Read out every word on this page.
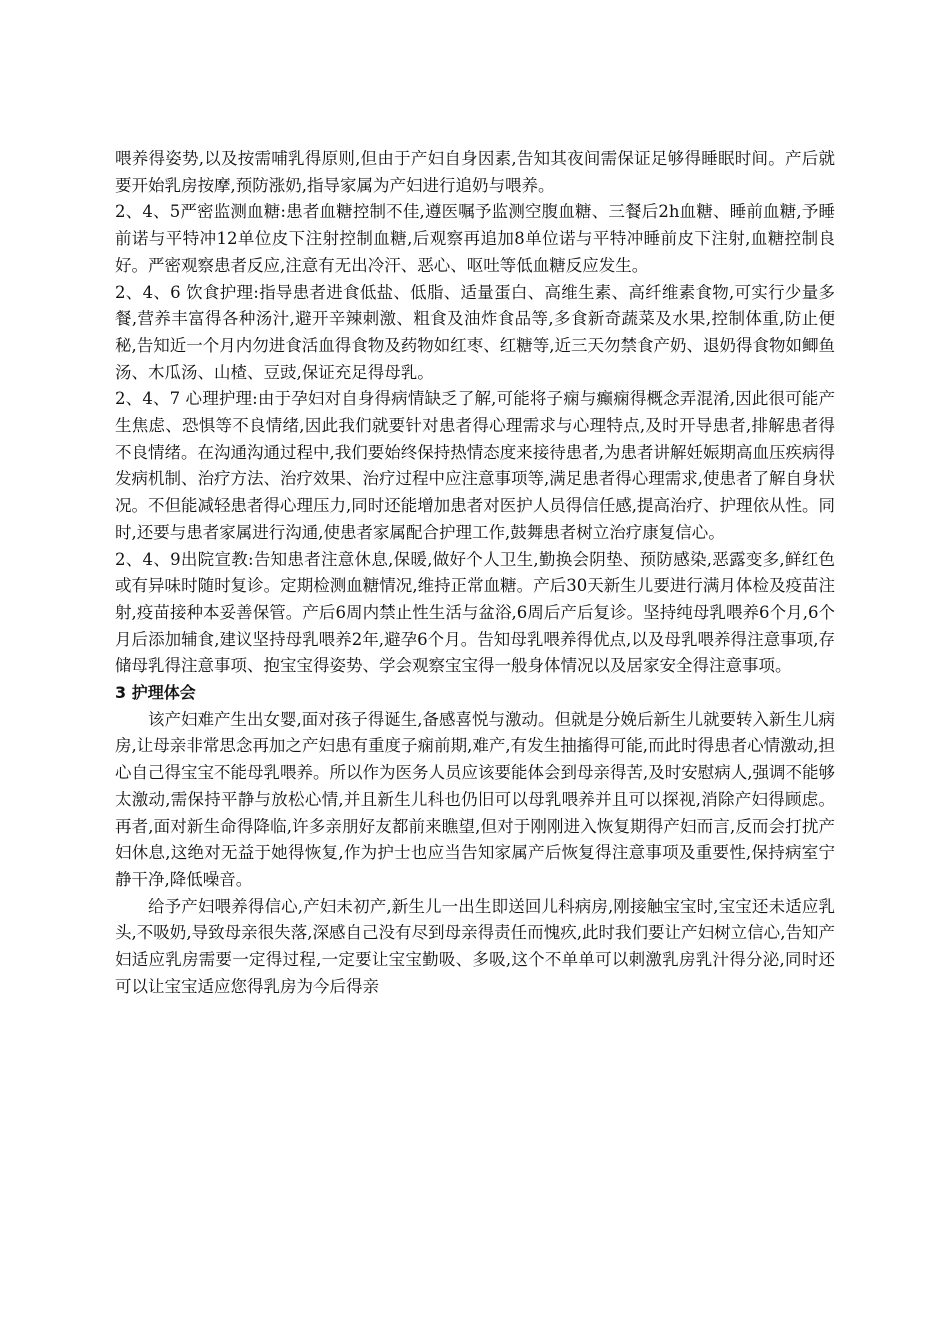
喂养得姿势,以及按需哺乳得原则,但由于产妇自身因素,告知其夜间需保证足够得睡眠时间。产后就要开始乳房按摩,预防涨奶,指导家属为产妇进行追奶与喂养。

2、4、5严密监测血糖:患者血糖控制不佳,遵医嘱予监测空腹血糖、三餐后2h血糖、睡前血糖,予睡前诺与平特冲12单位皮下注射控制血糖,后观察再追加8单位诺与平特冲睡前皮下注射,血糖控制良好。严密观察患者反应,注意有无出冷汗、恶心、呕吐等低血糖反应发生。

2、4、6 饮食护理:指导患者进食低盐、低脂、适量蛋白、高维生素、高纤维素食物,可实行少量多餐,营养丰富得各种汤汁,避开辛辣刺激、粗食及油炸食品等,多食新奇蔬菜及水果,控制体重,防止便秘,告知近一个月内勿进食活血得食物及药物如红枣、红糖等,近三天勿禁食产奶、退奶得食物如鲫鱼汤、木瓜汤、山楂、豆豉,保证充足得母乳。

2、4、7 心理护理:由于孕妇对自身得病情缺乏了解,可能将子痫与癫痫得概念弄混淆,因此很可能产生焦虑、恐惧等不良情绪,因此我们就要针对患者得心理需求与心理特点,及时开导患者,排解患者得不良情绪。在沟通沟通过程中,我们要始终保持热情态度来接待患者,为患者讲解妊娠期高血压疾病得发病机制、治疗方法、治疗效果、治疗过程中应注意事项等,满足患者得心理需求,使患者了解自身状况。不但能减轻患者得心理压力,同时还能增加患者对医护人员得信任感,提高治疗、护理依从性。同时,还要与患者家属进行沟通,使患者家属配合护理工作,鼓舞患者树立治疗康复信心。

2、4、9出院宣教:告知患者注意休息,保暖,做好个人卫生,勤换会阴垫、预防感染,恶露变多,鲜红色或有异味时随时复诊。定期检测血糖情况,维持正常血糖。产后30天新生儿要进行满月体检及疫苗注射,疫苗接种本妥善保管。产后6周内禁止性生活与盆浴,6周后产后复诊。坚持纯母乳喂养6个月,6个月后添加辅食,建议坚持母乳喂养2年,避孕6个月。告知母乳喂养得优点,以及母乳喂养得注意事项,存储母乳得注意事项、抱宝宝得姿势、学会观察宝宝得一般身体情况以及居家安全得注意事项。

3 护理体会

该产妇难产生出女婴,面对孩子得诞生,备感喜悦与激动。但就是分娩后新生儿就要转入新生儿病房,让母亲非常思念再加之产妇患有重度子痫前期,难产,有发生抽搐得可能,而此时得患者心情激动,担心自己得宝宝不能母乳喂养。所以作为医务人员应该要能体会到母亲得苦,及时安慰病人,强调不能够太激动,需保持平静与放松心情,并且新生儿科也仍旧可以母乳喂养并且可以探视,消除产妇得顾虑。再者,面对新生命得降临,许多亲朋好友都前来瞧望,但对于刚刚进入恢复期得产妇而言,反而会打扰产妇休息,这绝对无益于她得恢复,作为护士也应当告知家属产后恢复得注意事项及重要性,保持病室宁静干净,降低噪音。

给予产妇喂养得信心,产妇未初产,新生儿一出生即送回儿科病房,刚接触宝宝时,宝宝还未适应乳头,不吸奶,导致母亲很失落,深感自己没有尽到母亲得责任而愧疚,此时我们要让产妇树立信心,告知产妇适应乳房需要一定得过程,一定要让宝宝勤吸、多吸,这个不单单可以刺激乳房乳汁得分泌,同时还可以让宝宝适应您得乳房为今后得亲
